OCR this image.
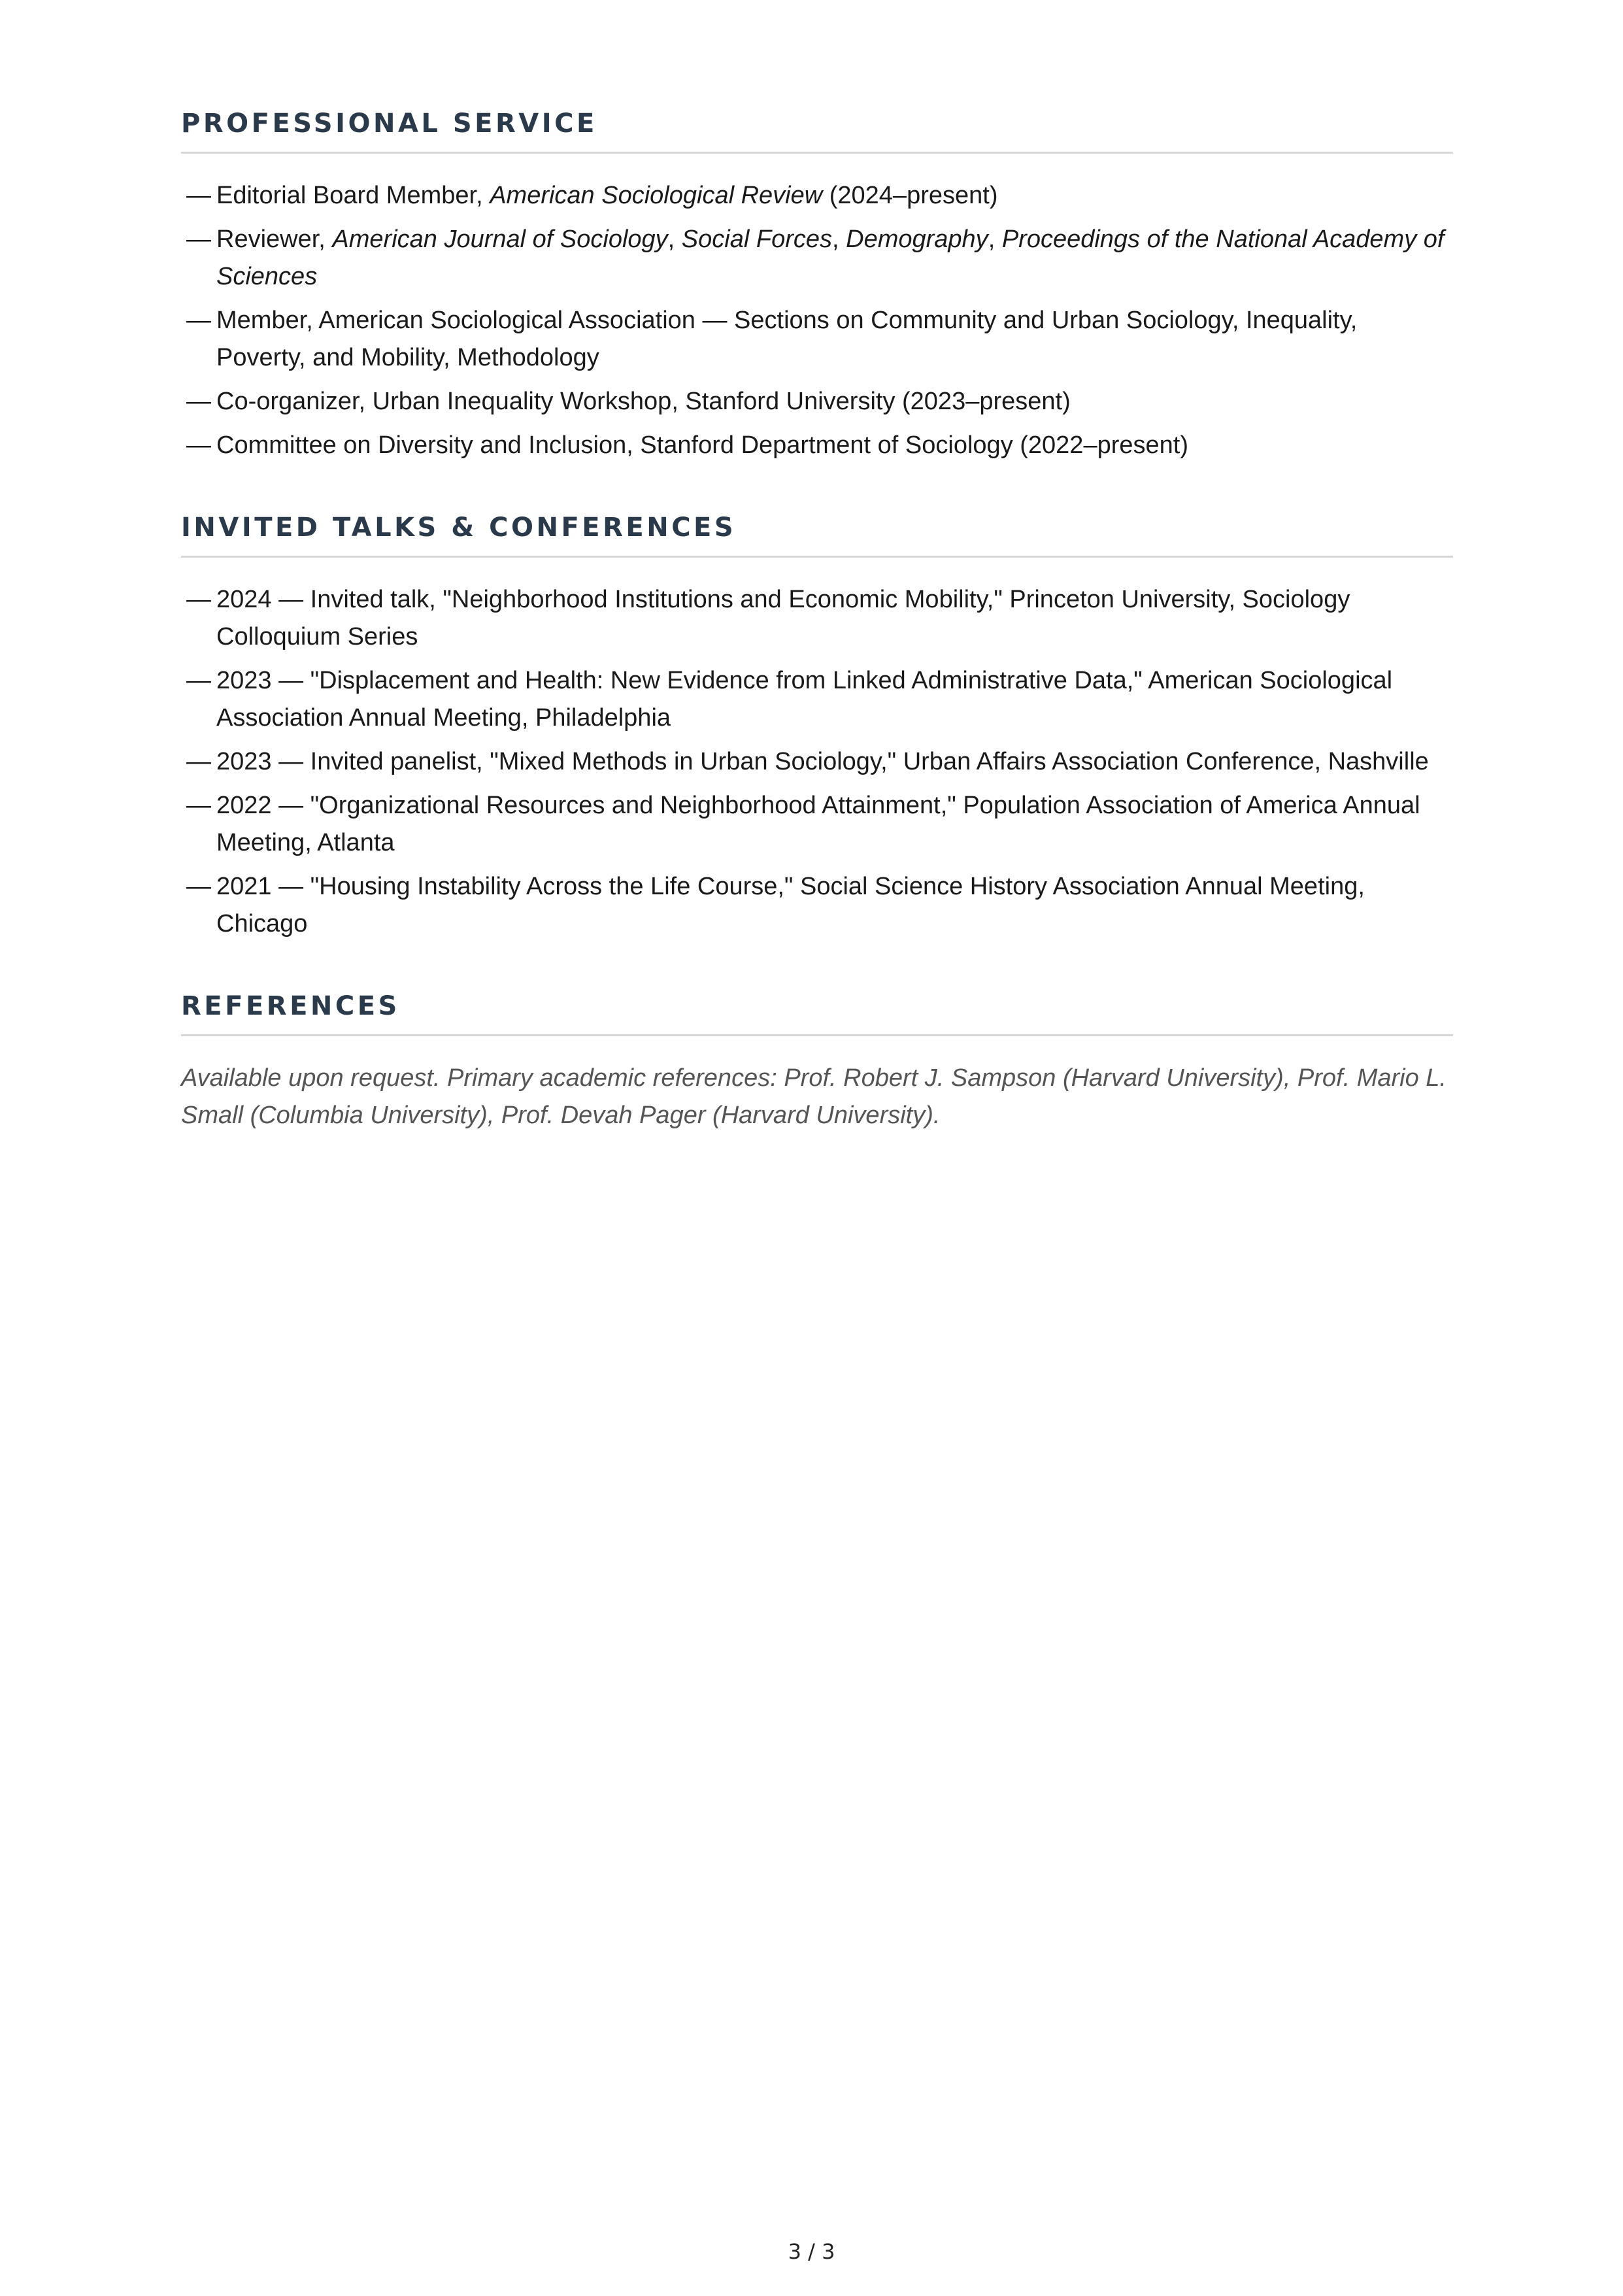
PROFESSIONAL SERVICE
— Editorial Board Member, American Sociological Review (2024–present)
— Reviewer, American Journal of Sociology, Social Forces, Demography, Proceedings of the National Academy of Sciences
— Member, American Sociological Association — Sections on Community and Urban Sociology, Inequality, Poverty, and Mobility, Methodology
— Co-organizer, Urban Inequality Workshop, Stanford University (2023–present)
— Committee on Diversity and Inclusion, Stanford Department of Sociology (2022–present)
INVITED TALKS & CONFERENCES
— 2024 — Invited talk, "Neighborhood Institutions and Economic Mobility," Princeton University, Sociology Colloquium Series
— 2023 — "Displacement and Health: New Evidence from Linked Administrative Data," American Sociological Association Annual Meeting, Philadelphia
— 2023 — Invited panelist, "Mixed Methods in Urban Sociology," Urban Affairs Association Conference, Nashville
— 2022 — "Organizational Resources and Neighborhood Attainment," Population Association of America Annual Meeting, Atlanta
— 2021 — "Housing Instability Across the Life Course," Social Science History Association Annual Meeting, Chicago
REFERENCES

Available upon request. Primary academic references: Prof. Robert J. Sampson (Harvard University), Prof. Mario L. Small (Columbia University), Prof. Devah Pager (Harvard University).

3 / 3
